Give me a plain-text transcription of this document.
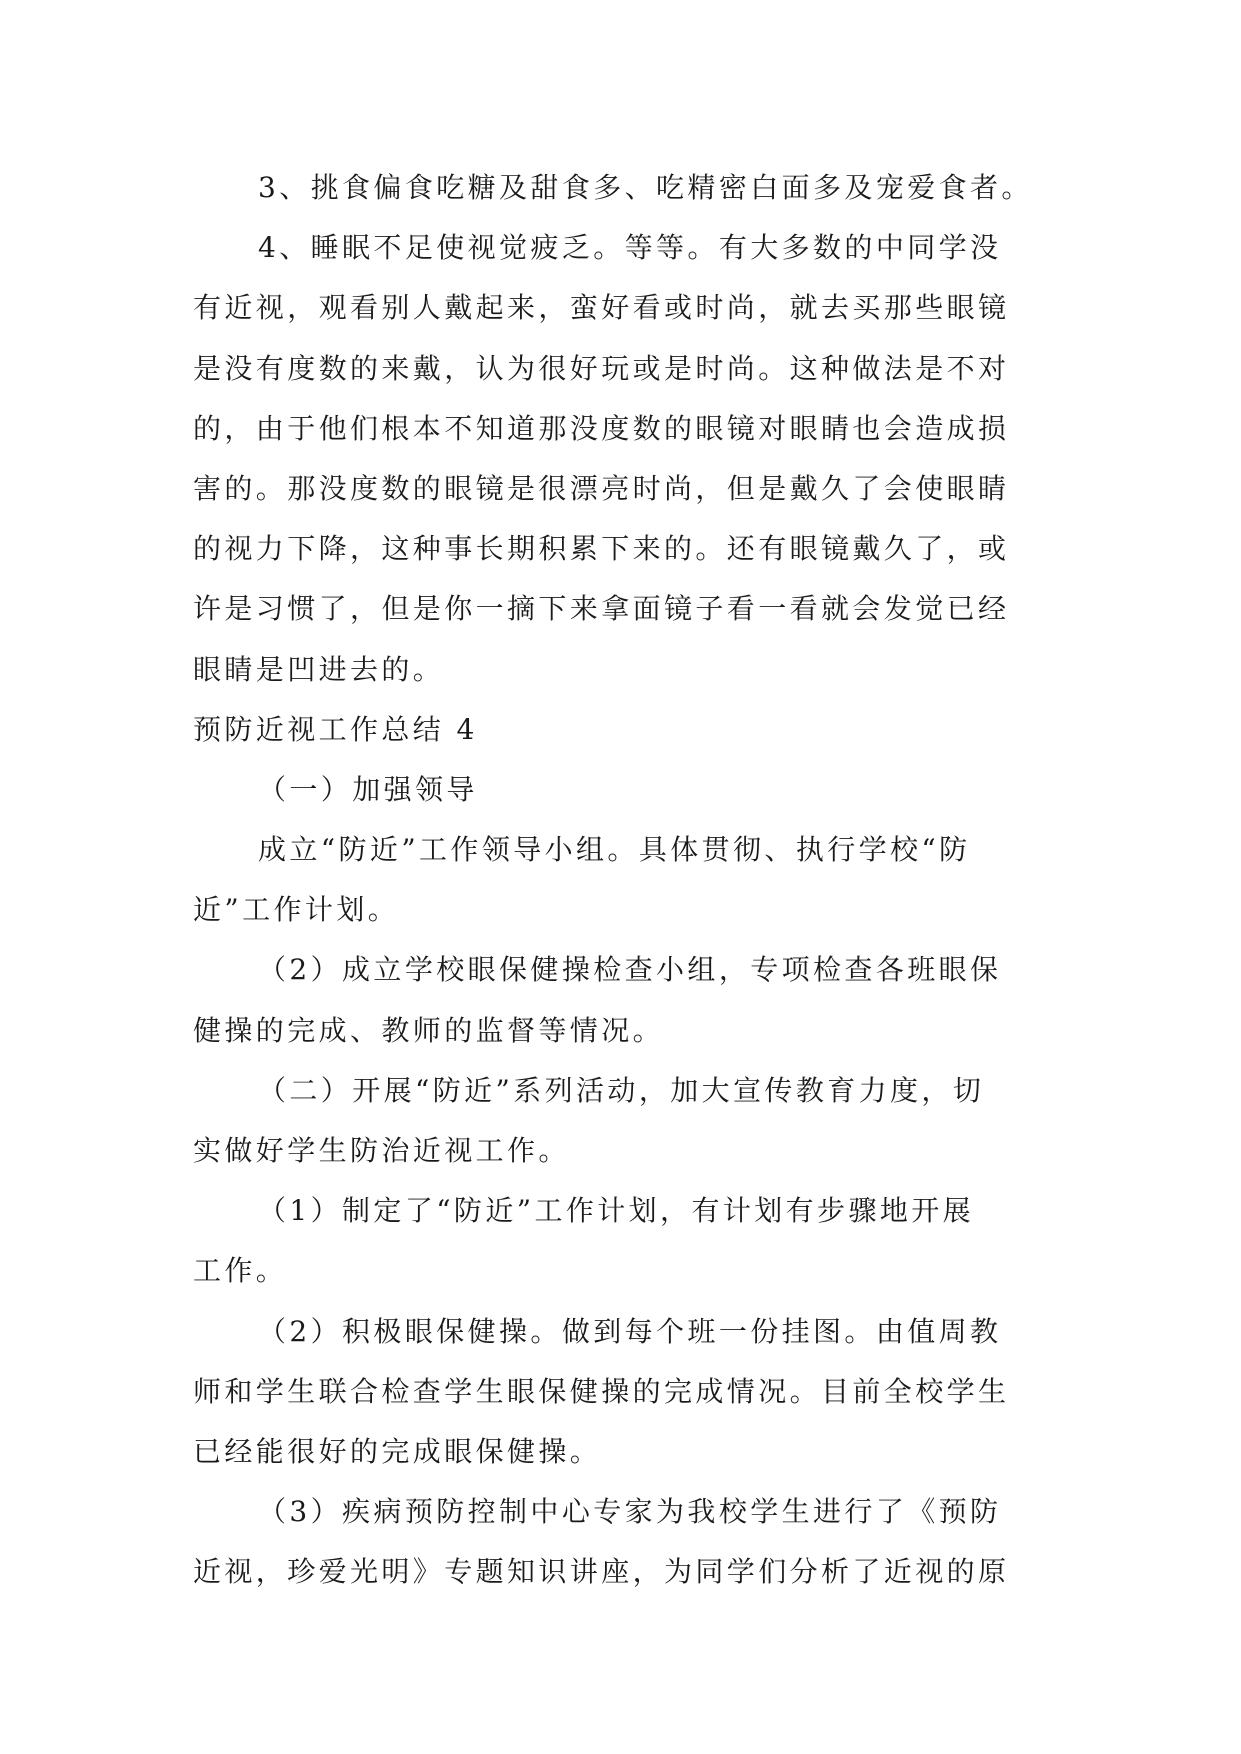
3、挑食偏食吃糖及甜食多、吃精密白面多及宠爱食者。
4、睡眠不足使视觉疲乏。等等。有大多数的中同学没
有近视，观看别人戴起来，蛮好看或时尚，就去买那些眼镜
是没有度数的来戴，认为很好玩或是时尚。这种做法是不对
的，由于他们根本不知道那没度数的眼镜对眼睛也会造成损
害的。那没度数的眼镜是很漂亮时尚，但是戴久了会使眼睛
的视力下降，这种事长期积累下来的。还有眼镜戴久了，或
许是习惯了，但是你一摘下来拿面镜子看一看就会发觉已经
眼睛是凹进去的。
预防近视工作总结 4
（一）加强领导
成立“防近”工作领导小组。具体贯彻、执行学校“防
近”工作计划。
（2）成立学校眼保健操检查小组，专项检查各班眼保
健操的完成、教师的监督等情况。
（二）开展“防近”系列活动，加大宣传教育力度，切
实做好学生防治近视工作。
（1）制定了“防近”工作计划，有计划有步骤地开展
工作。
（2）积极眼保健操。做到每个班一份挂图。由值周教
师和学生联合检查学生眼保健操的完成情况。目前全校学生
已经能很好的完成眼保健操。
（3）疾病预防控制中心专家为我校学生进行了《预防
近视，珍爱光明》专题知识讲座，为同学们分析了近视的原
